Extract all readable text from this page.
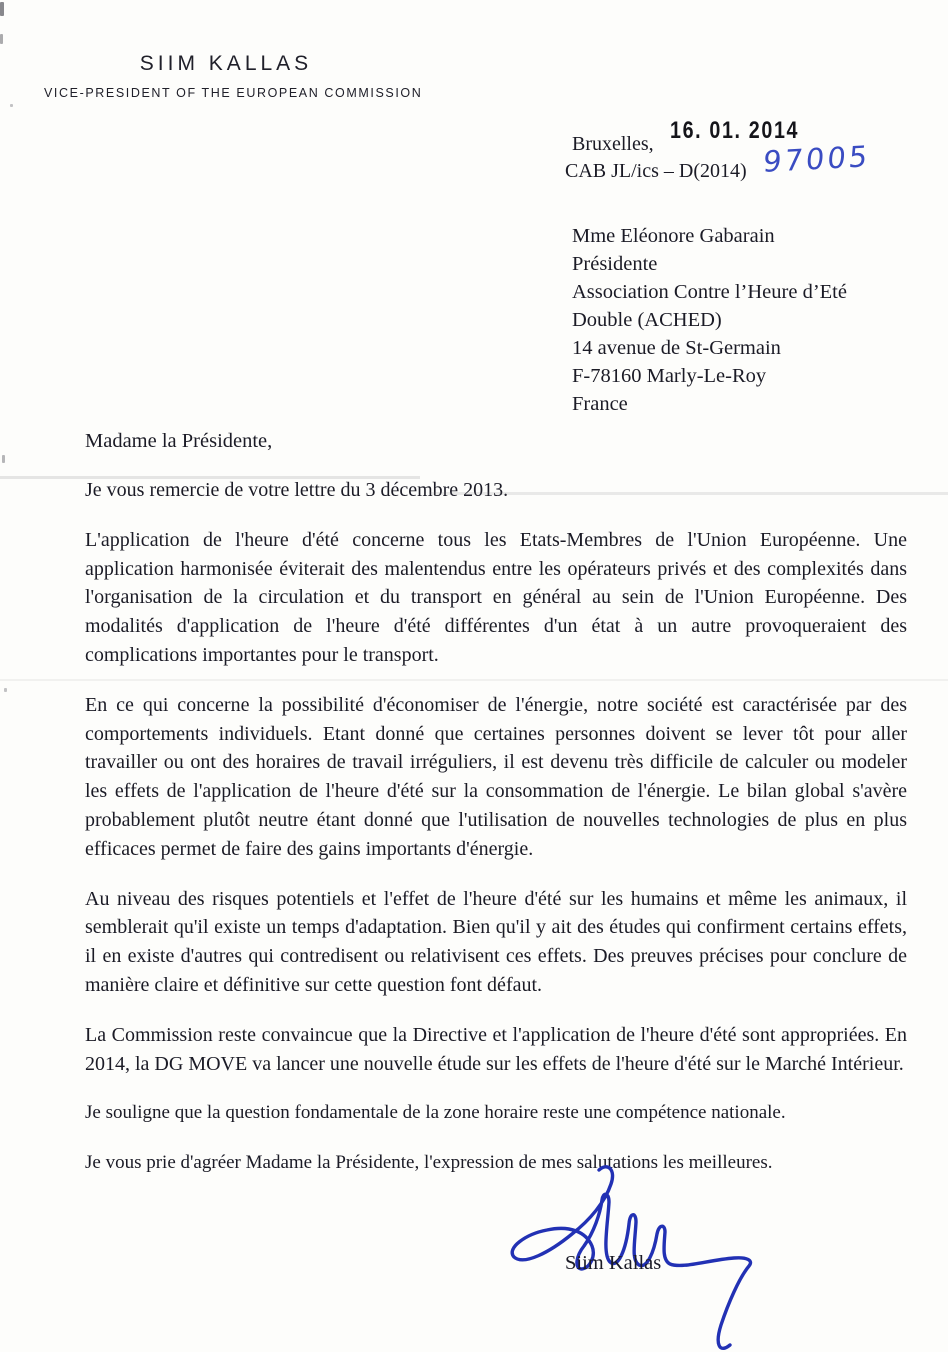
SIIM KALLAS
VICE-PRESIDENT OF THE EUROPEAN COMMISSION
Bruxelles, 16. 01. 2014
CAB JL/ics – D(2014) 97005
Mme Eléonore Gabarain
Présidente
Association Contre l’Heure d’Eté
Double (ACHED)
14 avenue de St-Germain
F-78160 Marly-Le-Roy
France
Madame la Présidente,

Je vous remercie de votre lettre du 3 décembre 2013.

L'application de l'heure d'été concerne tous les Etats-Membres de l'Union Européenne. Une application harmonisée éviterait des malentendus entre les opérateurs privés et des complexités dans l'organisation de la circulation et du transport en général au sein de l'Union Européenne. Des modalités d'application de l'heure d'été différentes d'un état à un autre provoqueraient des complications importantes pour le transport.

En ce qui concerne la possibilité d'économiser de l'énergie, notre société est caractérisée par des comportements individuels. Etant donné que certaines personnes doivent se lever tôt pour aller travailler ou ont des horaires de travail irréguliers, il est devenu très difficile de calculer ou modeler les effets de l'application de l'heure d'été sur la consommation de l'énergie. Le bilan global s'avère probablement plutôt neutre étant donné que l'utilisation de nouvelles technologies de plus en plus efficaces permet de faire des gains importants d'énergie.

Au niveau des risques potentiels et l'effet de l'heure d'été sur les humains et même les animaux, il semblerait qu'il existe un temps d'adaptation. Bien qu'il y ait des études qui confirment certains effets, il en existe d'autres qui contredisent ou relativisent ces effets. Des preuves précises pour conclure de manière claire et définitive sur cette question font défaut.

La Commission reste convaincue que la Directive et l'application de l'heure d'été sont appropriées. En 2014, la DG MOVE va lancer une nouvelle étude sur les effets de l'heure d'été sur le Marché Intérieur.

Je souligne que la question fondamentale de la zone horaire reste une compétence nationale.

Je vous prie d'agréer Madame la Présidente, l'expression de mes salutations les meilleures.

Siim Kallas
